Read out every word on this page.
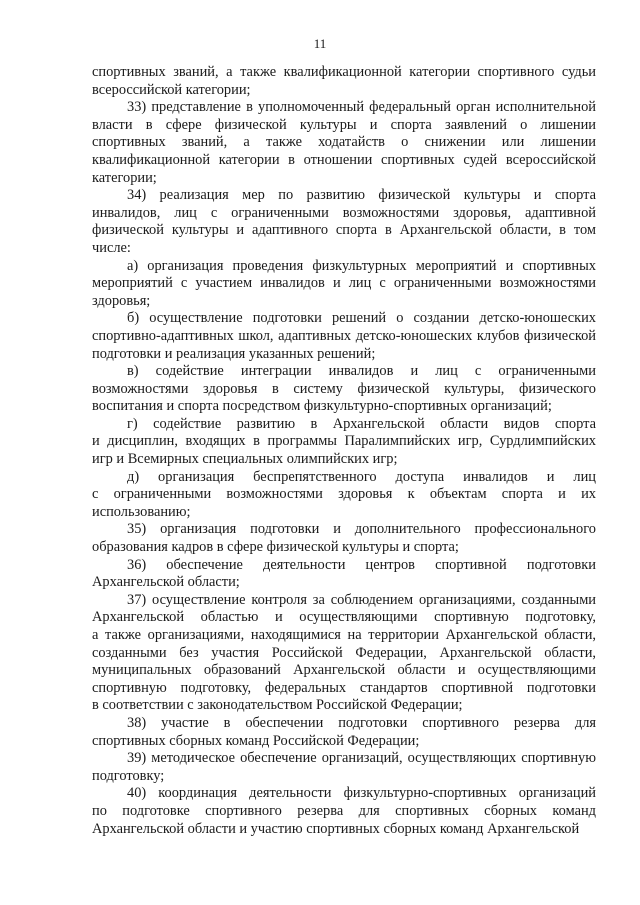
11
спортивных званий, а также квалификационной категории спортивного судьи
всероссийской категории;
33) представление в уполномоченный федеральный орган исполнительной
власти в сфере физической культуры и спорта заявлений о лишении
спортивных званий, а также ходатайств о снижении или лишении
квалификационной категории в отношении спортивных судей всероссийской
категории;
34) реализация мер по развитию физической культуры и спорта
инвалидов, лиц с ограниченными возможностями здоровья, адаптивной
физической культуры и адаптивного спорта в Архангельской области, в том
числе:
а) организация проведения физкультурных мероприятий и спортивных
мероприятий с участием инвалидов и лиц с ограниченными возможностями
здоровья;
б) осуществление подготовки решений о создании детско-юношеских
спортивно-адаптивных школ, адаптивных детско-юношеских клубов физической
подготовки и реализация указанных решений;
в) содействие интеграции инвалидов и лиц с ограниченными
возможностями здоровья в систему физической культуры, физического
воспитания и спорта посредством физкультурно-спортивных организаций;
г) содействие развитию в Архангельской области видов спорта
и дисциплин, входящих в программы Паралимпийских игр, Сурдлимпийских
игр и Всемирных специальных олимпийских игр;
д) организация беспрепятственного доступа инвалидов и лиц
с ограниченными возможностями здоровья к объектам спорта и их
использованию;
35) организация подготовки и дополнительного профессионального
образования кадров в сфере физической культуры и спорта;
36) обеспечение деятельности центров спортивной подготовки
Архангельской области;
37) осуществление контроля за соблюдением организациями, созданными
Архангельской областью и осуществляющими спортивную подготовку,
а также организациями, находящимися на территории Архангельской области,
созданными без участия Российской Федерации, Архангельской области,
муниципальных образований Архангельской области и осуществляющими
спортивную подготовку, федеральных стандартов спортивной подготовки
в соответствии с законодательством Российской Федерации;
38) участие в обеспечении подготовки спортивного резерва для
спортивных сборных команд Российской Федерации;
39) методическое обеспечение организаций, осуществляющих спортивную
подготовку;
40) координация деятельности физкультурно-спортивных организаций
по подготовке спортивного резерва для спортивных сборных команд
Архангельской области и участию спортивных сборных команд Архангельской
